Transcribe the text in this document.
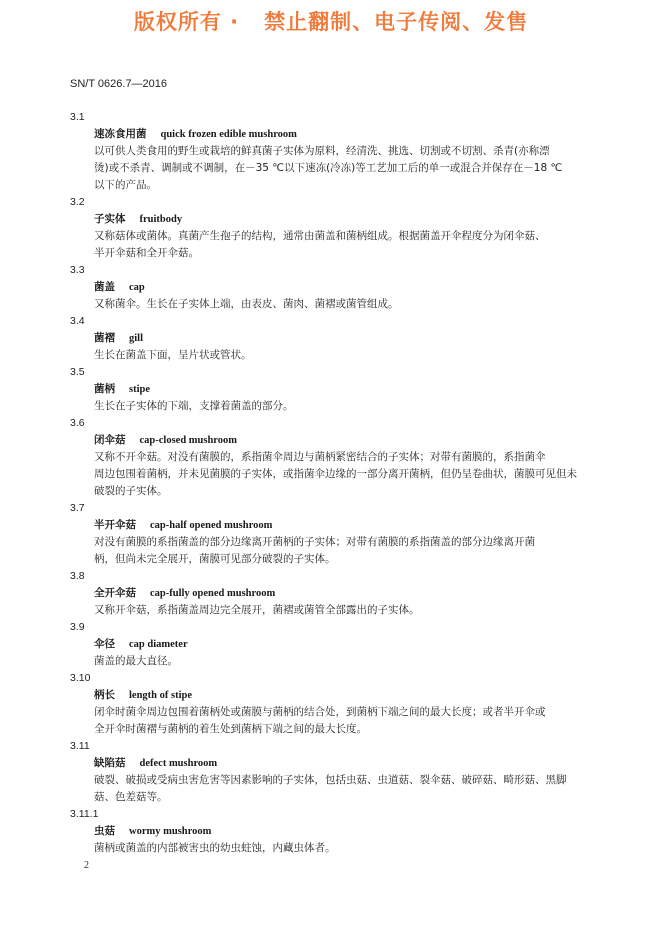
版权所有 ·   禁止翻制、电子传阅、发售
SN/T 0626.7—2016
3.1
速冻食用菌 quick frozen edible mushroom
以可供人类食用的野生或栽培的鲜真菌子实体为原料，经清洗、挑选、切割或不切割、杀青(亦称漂
烫)或不杀青、调制或不调制，在－35 ℃以下速冻(冷冻)等工艺加工后的单一或混合并保存在－18 ℃
以下的产品。
3.2
子实体 fruitbody
又称菇体或菌体。真菌产生孢子的结构，通常由菌盖和菌柄组成。根据菌盖开伞程度分为闭伞菇、
半开伞菇和全开伞菇。
3.3
菌盖 cap
又称菌伞。生长在子实体上端，由表皮、菌肉、菌褶或菌管组成。
3.4
菌褶 gill
生长在菌盖下面，呈片状或管状。
3.5
菌柄 stipe
生长在子实体的下端，支撑着菌盖的部分。
3.6
闭伞菇 cap-closed mushroom
又称不开伞菇。对没有菌膜的，系指菌伞周边与菌柄紧密结合的子实体；对带有菌膜的，系指菌伞
周边包围着菌柄，并未见菌膜的子实体，或指菌伞边缘的一部分离开菌柄，但仍呈卷曲状，菌膜可见但未
破裂的子实体。
3.7
半开伞菇 cap-half opened mushroom
对没有菌膜的系指菌盖的部分边缘离开菌柄的子实体；对带有菌膜的系指菌盖的部分边缘离开菌
柄，但尚未完全展开，菌膜可见部分破裂的子实体。
3.8
全开伞菇 cap-fully opened mushroom
又称开伞菇，系指菌盖周边完全展开，菌褶或菌管全部露出的子实体。
3.9
伞径 cap diameter
菌盖的最大直径。
3.10
柄长 length of stipe
闭伞时菌伞周边包围着菌柄处或菌膜与菌柄的结合处，到菌柄下端之间的最大长度；或者半开伞或
全开伞时菌褶与菌柄的着生处到菌柄下端之间的最大长度。
3.11
缺陷菇 defect mushroom
破裂、破损或受病虫害危害等因素影响的子实体，包括虫菇、虫道菇、裂伞菇、破碎菇、畸形菇、黑脚
菇、色差菇等。
3.11.1
虫菇 wormy mushroom
菌柄或菌盖的内部被害虫的幼虫蛀蚀，内藏虫体者。
2
